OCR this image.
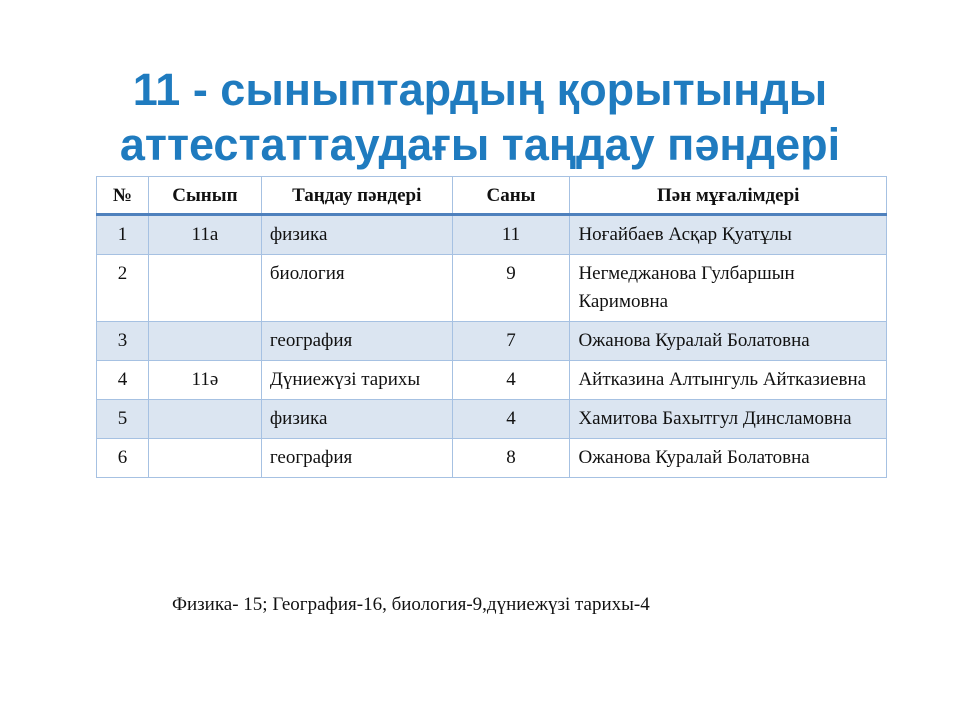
11 - сыныптардың қорытынды
аттестаттаудағы таңдау пәндері
№	Сынып	Таңдау пәндері	Саны	Пән мұғалімдері
1	11а	физика	11	Ноғайбаев Асқар Қуатұлы
2		биология	9	Негмеджанова Гулбаршын Каримовна
3		география	7	Ожанова Куралай Болатовна
4	11ә	Дүниежүзі тарихы	4	Айтказина Алтынгуль Айтказиевна
5		физика	4	Хамитова Бахытгул Динсламовна
6		география	8	Ожанова Куралай Болатовна
Физика- 15; География-16, биология-9,дүниежүзі тарихы-4
